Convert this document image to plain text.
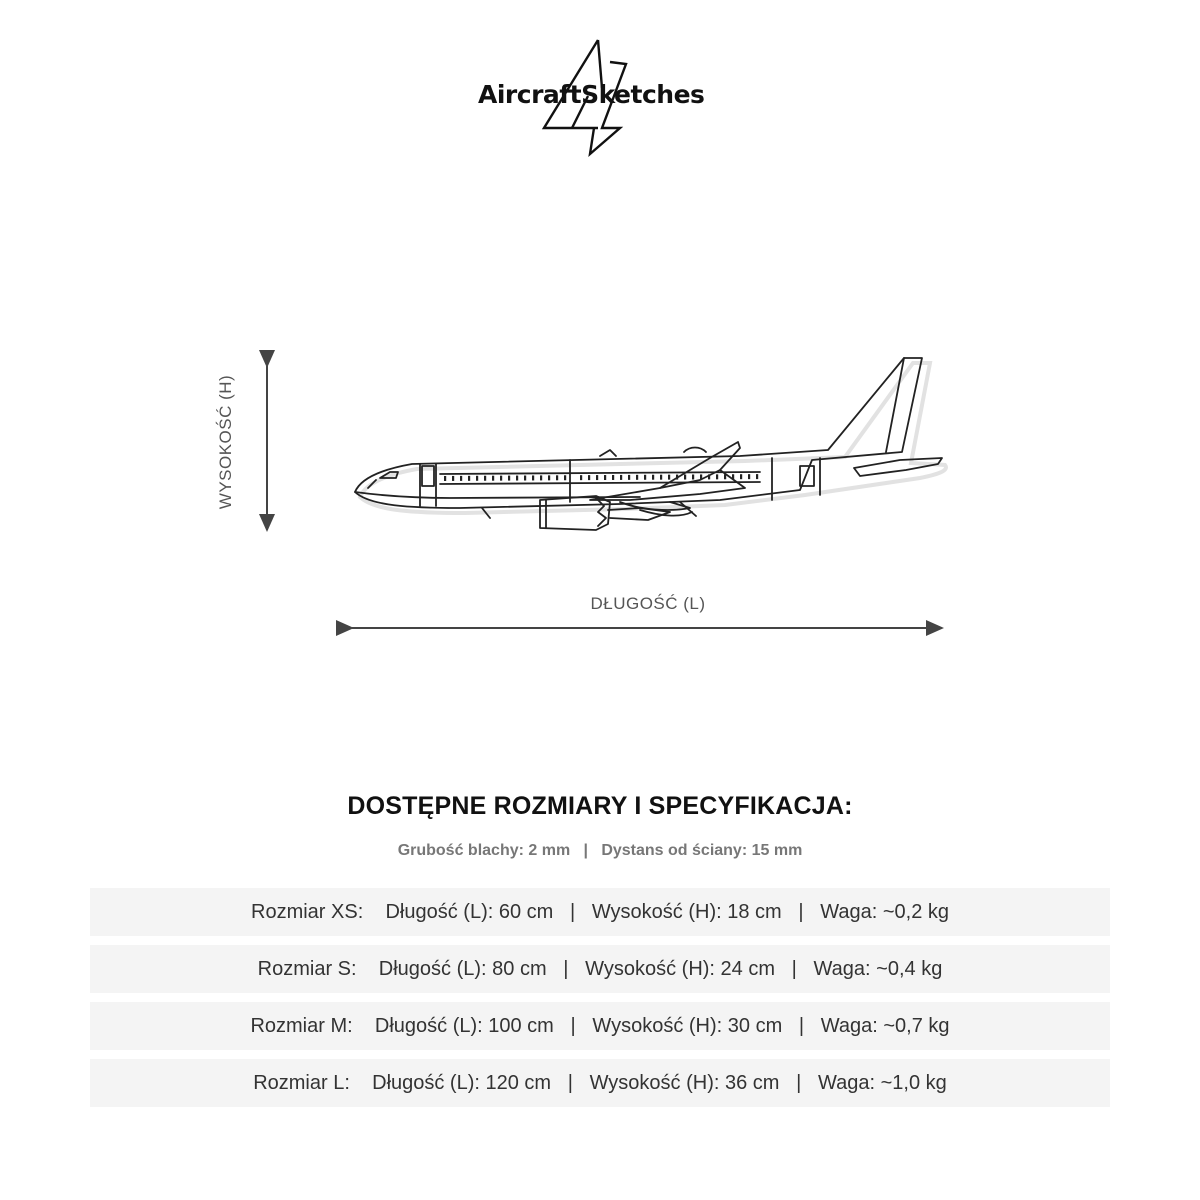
AircraftSketches
WYSOKOŚĆ (H)
DŁUGOŚĆ (L)
DOSTĘPNE ROZMIARY I SPECYFIKACJA:
Grubość blachy: 2 mm   |   Dystans od ściany: 15 mm
Rozmiar XS:    Długość (L): 60 cm   |   Wysokość (H): 18 cm   |   Waga: ~0,2 kg
Rozmiar S:    Długość (L): 80 cm   |   Wysokość (H): 24 cm   |   Waga: ~0,4 kg
Rozmiar M:    Długość (L): 100 cm   |   Wysokość (H): 30 cm   |   Waga: ~0,7 kg
Rozmiar L:    Długość (L): 120 cm   |   Wysokość (H): 36 cm   |   Waga: ~1,0 kg
